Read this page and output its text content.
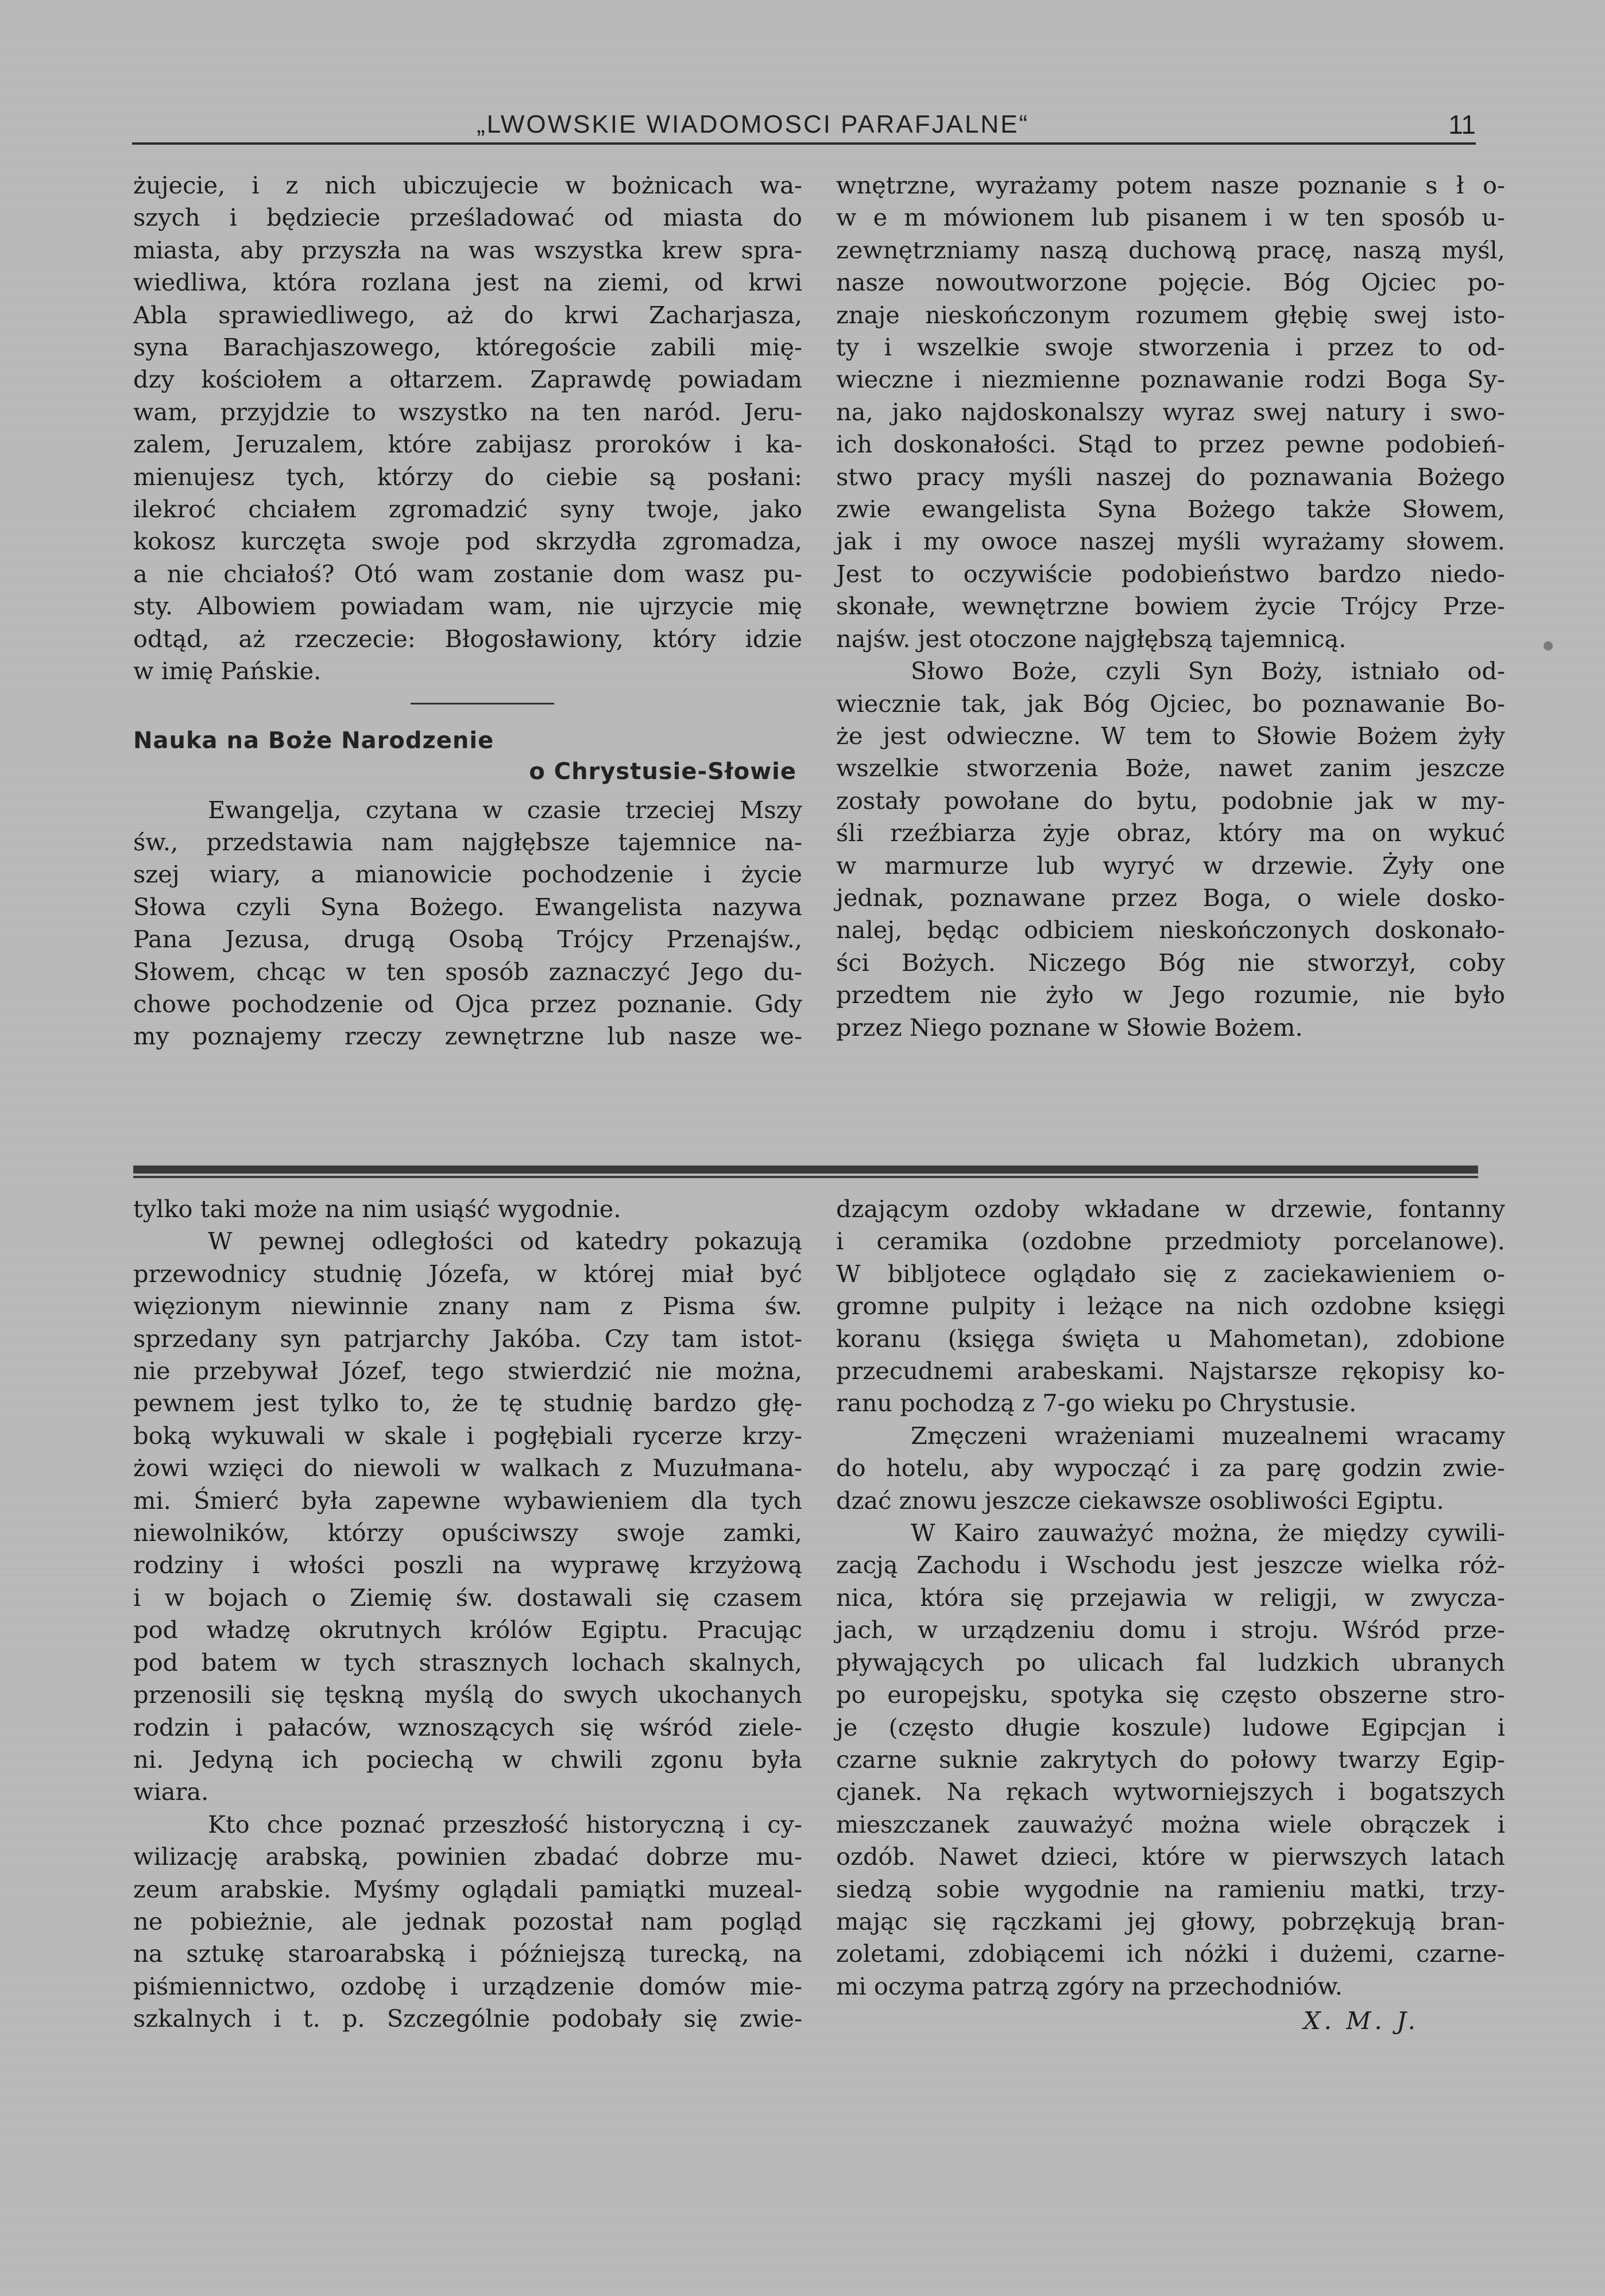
„LWOWSKIE WIADOMOSCI PARAFJALNE“	11

żujecie, i z nich ubiczujecie w bożnicach wa-
szych i będziecie prześladować od miasta do
miasta, aby przyszła na was wszystka krew spra-
wiedliwa, która rozlana jest na ziemi, od krwi
Abla sprawiedliwego, aż do krwi Zacharjasza,
syna Barachjaszowego, któregoście zabili mię-
dzy kościołem a ołtarzem. Zaprawdę powiadam
wam, przyjdzie to wszystko na ten naród. Jeru-
zalem, Jeruzalem, które zabijasz proroków i ka-
mienujesz tych, którzy do ciebie są posłani:
ilekroć chciałem zgromadzić syny twoje, jako
kokosz kurczęta swoje pod skrzydła zgromadza,
a nie chciałoś? Otó wam zostanie dom wasz pu-
sty. Albowiem powiadam wam, nie ujrzycie mię
odtąd, aż rzeczecie: Błogosławiony, który idzie
w imię Pańskie.

Nauka na Boże Narodzenie
o Chrystusie-Słowie

Ewangelja, czytana w czasie trzeciej Mszy
św., przedstawia nam najgłębsze tajemnice na-
szej wiary, a mianowicie pochodzenie i życie
Słowa czyli Syna Bożego. Ewangelista nazywa
Pana Jezusa, drugą Osobą Trójcy Przenajśw.,
Słowem, chcąc w ten sposób zaznaczyć Jego du-
chowe pochodzenie od Ojca przez poznanie. Gdy
my poznajemy rzeczy zewnętrzne lub nasze we-

wnętrzne, wyrażamy potem nasze poznanie s ł o-
w e m mówionem lub pisanem i w ten sposób u-
zewnętrzniamy naszą duchową pracę, naszą myśl,
nasze nowoutworzone pojęcie. Bóg Ojciec po-
znaje nieskończonym rozumem głębię swej isto-
ty i wszelkie swoje stworzenia i przez to od-
wieczne i niezmienne poznawanie rodzi Boga Sy-
na, jako najdoskonalszy wyraz swej natury i swo-
ich doskonałości. Stąd to przez pewne podobień-
stwo pracy myśli naszej do poznawania Bożego
zwie ewangelista Syna Bożego także Słowem,
jak i my owoce naszej myśli wyrażamy słowem.
Jest to oczywiście podobieństwo bardzo niedo-
skonałe, wewnętrzne bowiem życie Trójcy Prze-
najśw. jest otoczone najgłębszą tajemnicą.

Słowo Boże, czyli Syn Boży, istniało od-
wiecznie tak, jak Bóg Ojciec, bo poznawanie Bo-
że jest odwieczne. W tem to Słowie Bożem żyły
wszelkie stworzenia Boże, nawet zanim jeszcze
zostały powołane do bytu, podobnie jak w my-
śli rzeźbiarza żyje obraz, który ma on wykuć
w marmurze lub wyryć w drzewie. Żyły one
jednak, poznawane przez Boga, o wiele dosko-
nalej, będąc odbiciem nieskończonych doskonało-
ści Bożych. Niczego Bóg nie stworzył, coby
przedtem nie żyło w Jego rozumie, nie było
przez Niego poznane w Słowie Bożem.

tylko taki może na nim usiąść wygodnie.

W pewnej odległości od katedry pokazują
przewodnicy studnię Józefa, w której miał być
więzionym niewinnie znany nam z Pisma św.
sprzedany syn patrjarchy Jakóba. Czy tam istot-
nie przebywał Józef, tego stwierdzić nie można,
pewnem jest tylko to, że tę studnię bardzo głę-
boką wykuwali w skale i pogłębiali rycerze krzy-
żowi wzięci do niewoli w walkach z Muzułmana-
mi. Śmierć była zapewne wybawieniem dla tych
niewolników, którzy opuściwszy swoje zamki,
rodziny i włości poszli na wyprawę krzyżową
i w bojach o Ziemię św. dostawali się czasem
pod władzę okrutnych królów Egiptu. Pracując
pod batem w tych strasznych lochach skalnych,
przenosili się tęskną myślą do swych ukochanych
rodzin i pałaców, wznoszących się wśród ziele-
ni. Jedyną ich pociechą w chwili zgonu była
wiara.

Kto chce poznać przeszłość historyczną i cy-
wilizację arabską, powinien zbadać dobrze mu-
zeum arabskie. Myśmy oglądali pamiątki muzeal-
ne pobieżnie, ale jednak pozostał nam pogląd
na sztukę staroarabską i późniejszą turecką, na
piśmiennictwo, ozdobę i urządzenie domów mie-
szkalnych i t. p. Szczególnie podobały się zwie-

dzającym ozdoby wkładane w drzewie, fontanny
i ceramika (ozdobne przedmioty porcelanowe).
W bibljotece oglądało się z zaciekawieniem o-
gromne pulpity i leżące na nich ozdobne księgi
koranu (księga święta u Mahometan), zdobione
przecudnemi arabeskami. Najstarsze rękopisy ko-
ranu pochodzą z 7-go wieku po Chrystusie.

Zmęczeni wrażeniami muzealnemi wracamy
do hotelu, aby wypocząć i za parę godzin zwie-
dzać znowu jeszcze ciekawsze osobliwości Egiptu.

W Kairo zauważyć można, że między cywili-
zacją Zachodu i Wschodu jest jeszcze wielka róż-
nica, która się przejawia w religji, w zwycza-
jach, w urządzeniu domu i stroju. Wśród prze-
pływających po ulicach fal ludzkich ubranych
po europejsku, spotyka się często obszerne stro-
je (często długie koszule) ludowe Egipcjan i
czarne suknie zakrytych do połowy twarzy Egip-
cjanek. Na rękach wytworniejszych i bogatszych
mieszczanek zauważyć można wiele obrączek i
ozdób. Nawet dzieci, które w pierwszych latach
siedzą sobie wygodnie na ramieniu matki, trzy-
mając się rączkami jej głowy, pobrzękują bran-
zoletami, zdobiącemi ich nóżki i dużemi, czarne-
mi oczyma patrzą zgóry na przechodniów.

X. M. J.
